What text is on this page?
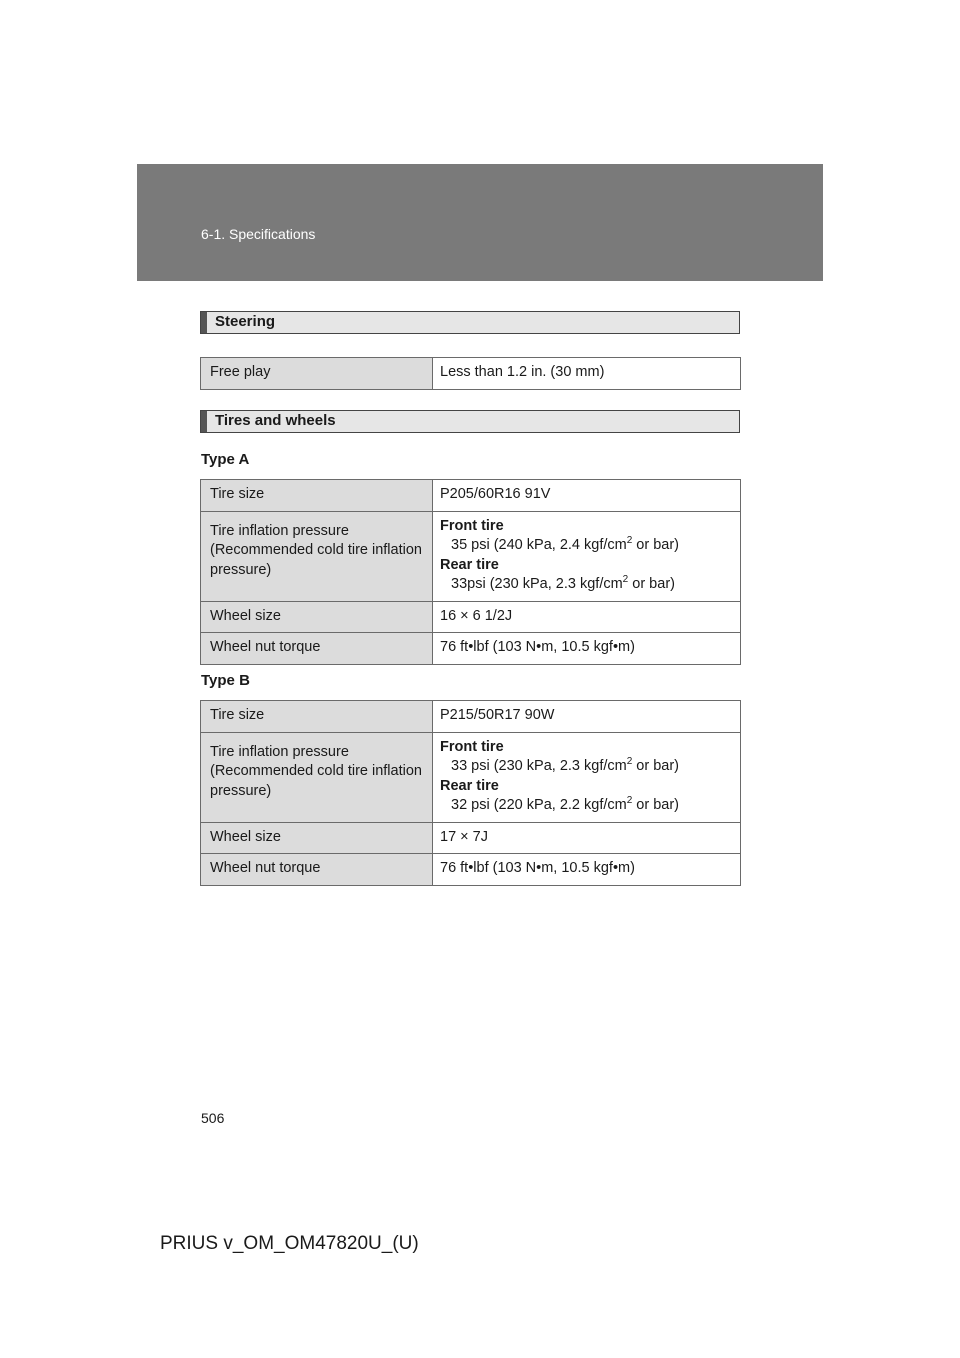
6-1. Specifications
Steering
Free play	Less than 1.2 in. (30 mm)
Tires and wheels
Type A
Tire size	P205/60R16 91V
Tire inflation pressure (Recommended cold tire inflation pressure)	Front tire
35 psi (240 kPa, 2.4 kgf/$cm^2$ or bar)
Rear tire
33psi (230 kPa, 2.3 kgf/$cm^2$ or bar)

Wheel size	16 × 6 1/2J
Wheel nut torque	76 ft•lbf (103 N•m, 10.5 kgf•m)
Type B
Tire size	P215/50R17 90W
Tire inflation pressure (Recommended cold tire inflation pressure)	Front tire
33 psi (230 kPa, 2.3 kgf/$cm^2$ or bar)
Rear tire
32 psi (220 kPa, 2.2 kgf/$cm^2$ or bar)

Wheel size	17 × 7J
Wheel nut torque	76 ft•lbf (103 N•m, 10.5 kgf•m)
506
PRIUS v_OM_OM47820U_(U)
